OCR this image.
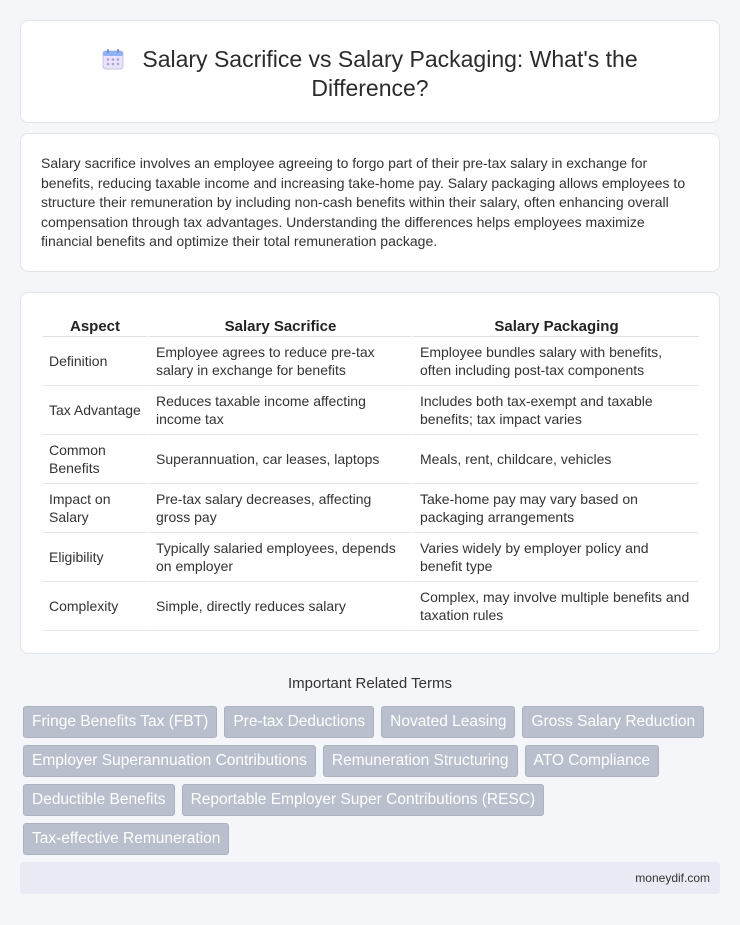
Salary Sacrifice vs Salary Packaging: What's the Difference?

Salary sacrifice involves an employee agreeing to forgo part of their pre-tax salary in exchange for benefits, reducing taxable income and increasing take-home pay. Salary packaging allows employees to structure their remuneration by including non-cash benefits within their salary, often enhancing overall compensation through tax advantages. Understanding the differences helps employees maximize financial benefits and optimize their total remuneration package.

Aspect	Salary Sacrifice	Salary Packaging
Definition	Employee agrees to reduce pre-tax salary in exchange for benefits	Employee bundles salary with benefits, often including post-tax components
Tax Advantage	Reduces taxable income affecting income tax	Includes both tax-exempt and taxable benefits; tax impact varies
Common Benefits	Superannuation, car leases, laptops	Meals, rent, childcare, vehicles
Impact on Salary	Pre-tax salary decreases, affecting gross pay	Take-home pay may vary based on packaging arrangements
Eligibility	Typically salaried employees, depends on employer	Varies widely by employer policy and benefit type
Complexity	Simple, directly reduces salary	Complex, may involve multiple benefits and taxation rules
Important Related Terms
Fringe Benefits Tax (FBT)	Pre-tax Deductions	Novated Leasing	Gross Salary Reduction
Employer Superannuation Contributions	Remuneration Structuring	ATO Compliance
Deductible Benefits	Reportable Employer Super Contributions (RESC)
Tax-effective Remuneration
moneydif.com
